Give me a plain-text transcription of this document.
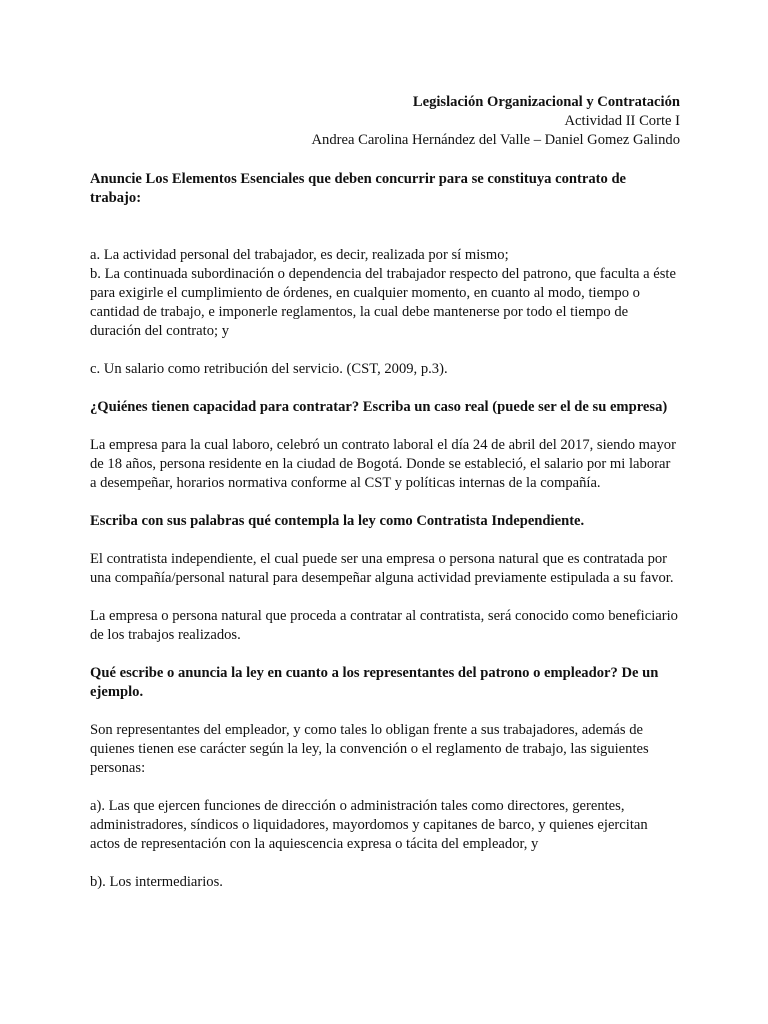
Legislación Organizacional y Contratación
Actividad II Corte I
Andrea Carolina Hernández del Valle – Daniel Gomez Galindo

Anuncie Los Elementos Esenciales que deben concurrir para se constituya contrato de trabajo:

a. La actividad personal del trabajador, es decir, realizada por sí mismo;

b. La continuada subordinación o dependencia del trabajador respecto del patrono, que faculta a éste para exigirle el cumplimiento de órdenes, en cualquier momento, en cuanto al modo, tiempo o cantidad de trabajo, e imponerle reglamentos, la cual debe mantenerse por todo el tiempo de duración del contrato; y

c. Un salario como retribución del servicio. (CST, 2009, p.3).

¿Quiénes tienen capacidad para contratar? Escriba un caso real (puede ser el de su empresa)

La empresa para la cual laboro, celebró un contrato laboral el día 24 de abril del 2017, siendo mayor de 18 años, persona residente en la ciudad de Bogotá. Donde se estableció, el salario por mi laborar a desempeñar, horarios normativa conforme al CST y políticas internas de la compañía.

Escriba con sus palabras qué contempla la ley como Contratista Independiente.

El contratista independiente, el cual puede ser una empresa o persona natural que es contratada por una compañía/personal natural para desempeñar alguna actividad previamente estipulada a su favor.

La empresa o persona natural que proceda a contratar al contratista, será conocido como beneficiario de los trabajos realizados.

Qué escribe o anuncia la ley en cuanto a los representantes del patrono o empleador? De un ejemplo.

Son representantes del empleador, y como tales lo obligan frente a sus trabajadores, además de quienes tienen ese carácter según la ley, la convención o el reglamento de trabajo, las siguientes personas:

a). Las que ejercen funciones de dirección o administración tales como directores, gerentes, administradores, síndicos o liquidadores, mayordomos y capitanes de barco, y quienes ejercitan actos de representación con la aquiescencia expresa o tácita del empleador, y

b). Los intermediarios.
